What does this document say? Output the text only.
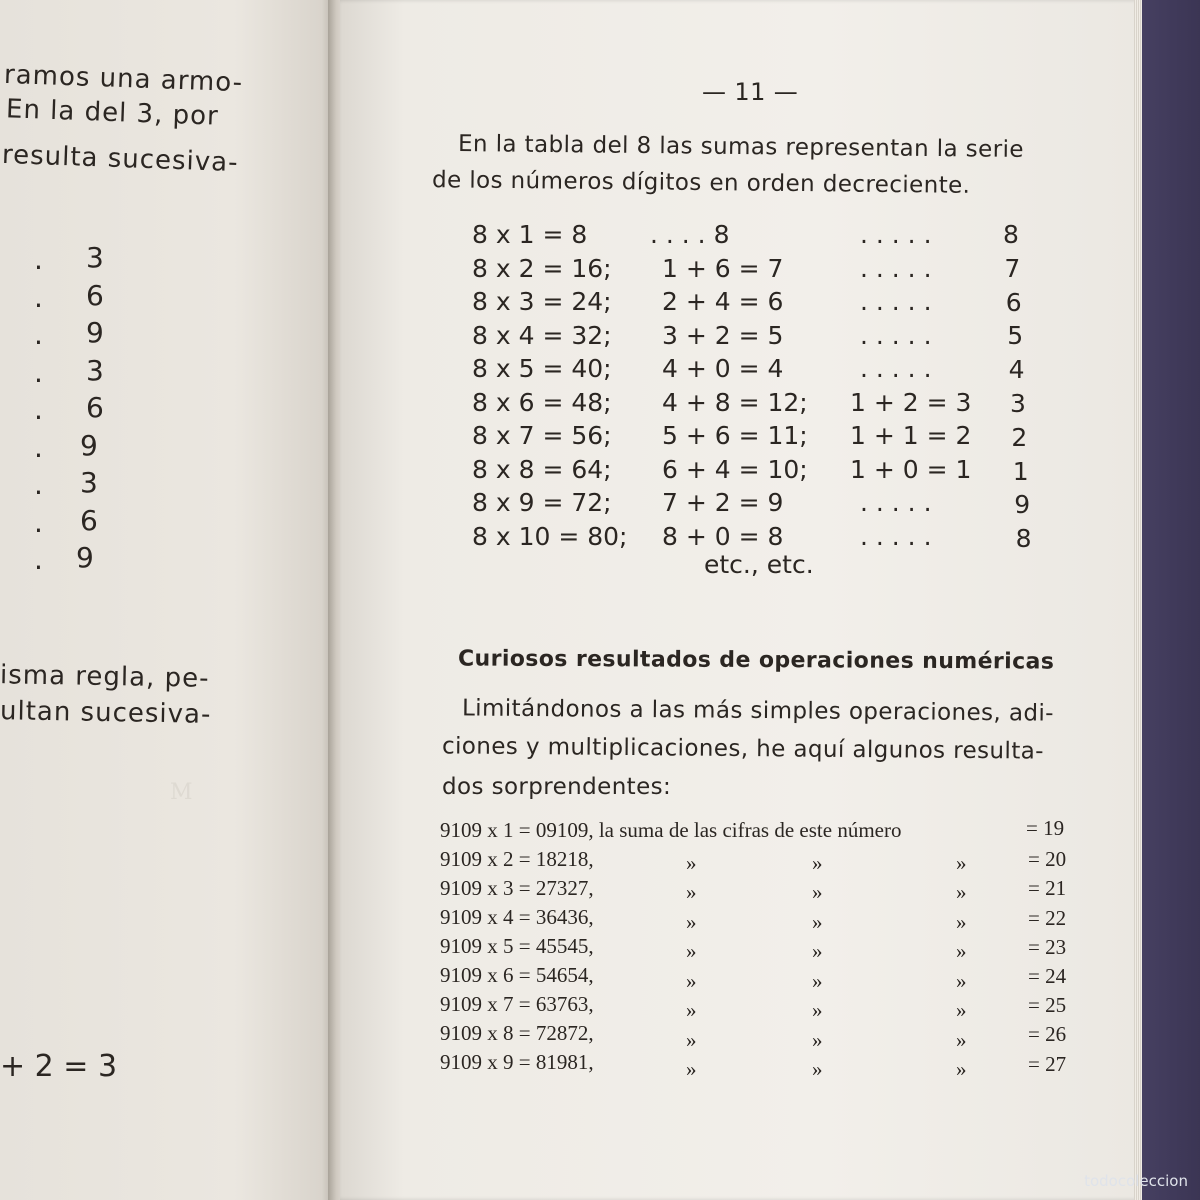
ramos una armo-
En la del 3, por
resulta sucesiva-
isma regla, pe-
ultan sucesiva-
+ 2 = 3
. 3
. 6
. 9
. 3
. 6
. 9
. 3
. 6
. 9
M
— 11 —
En la tabla del 8 las sumas representan la serie
de los números dígitos en orden decreciente.
8 x 1 = 8	. . . . 8	. . . . .	8
8 x 2 = 16; 1 + 6 = 7	. . . . .	7
8 x 3 = 24; 2 + 4 = 6	. . . . .	6
8 x 4 = 32; 3 + 2 = 5	. . . . .	5
8 x 5 = 40; 4 + 0 = 4	. . . . .	4
8 x 6 = 48; 4 + 8 = 12; 1 + 2 = 3 3
8 x 7 = 56; 5 + 6 = 11; 1 + 1 = 2 2
8 x 8 = 64; 6 + 4 = 10; 1 + 0 = 1 1
8 x 9 = 72; 7 + 2 = 9	. . . . .	9
8 x 10 = 80; 8 + 0 = 8	. . . . .	8
etc., etc.
Curiosos resultados de operaciones numéricas
Limitándonos a las más simples operaciones, adi-
ciones y multiplicaciones, he aquí algunos resulta-
dos sorprendentes:
9109 x 1 = 09109, la suma de las cifras de este número	= 19
9109 x 2 = 18218,	»	»	»	= 20
9109 x 3 = 27327,	»	»	»	= 21
9109 x 4 = 36436,	»	»	»	= 22
9109 x 5 = 45545,	»	»	»	= 23
9109 x 6 = 54654,	»	»	»	= 24
9109 x 7 = 63763,	»	»	»	= 25
9109 x 8 = 72872,	»	»	»	= 26
9109 x 9 = 81981,	»	»	»	= 27
todocoleccion
